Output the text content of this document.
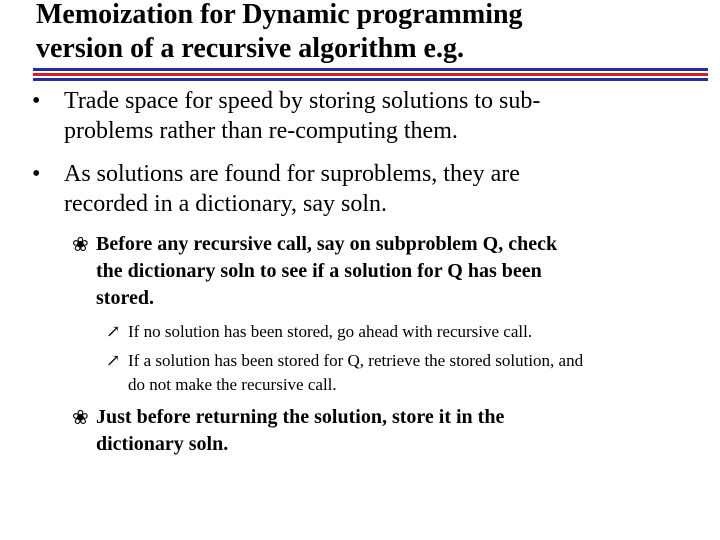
Memoization for Dynamic programming
version of a recursive algorithm e.g.
• Trade space for speed by storing solutions to sub-
problems rather than re-computing them.
• As solutions are found for suproblems, they are
recorded in a dictionary, say soln.
❀ Before any recursive call, say on subproblem Q, check
the dictionary soln to see if a solution for Q has been
stored.
↗ If no solution has been stored, go ahead with recursive call.
↗ If a solution has been stored for Q, retrieve the stored solution, and
do not make the recursive call.
❀ Just before returning the solution, store it in the
dictionary soln.
